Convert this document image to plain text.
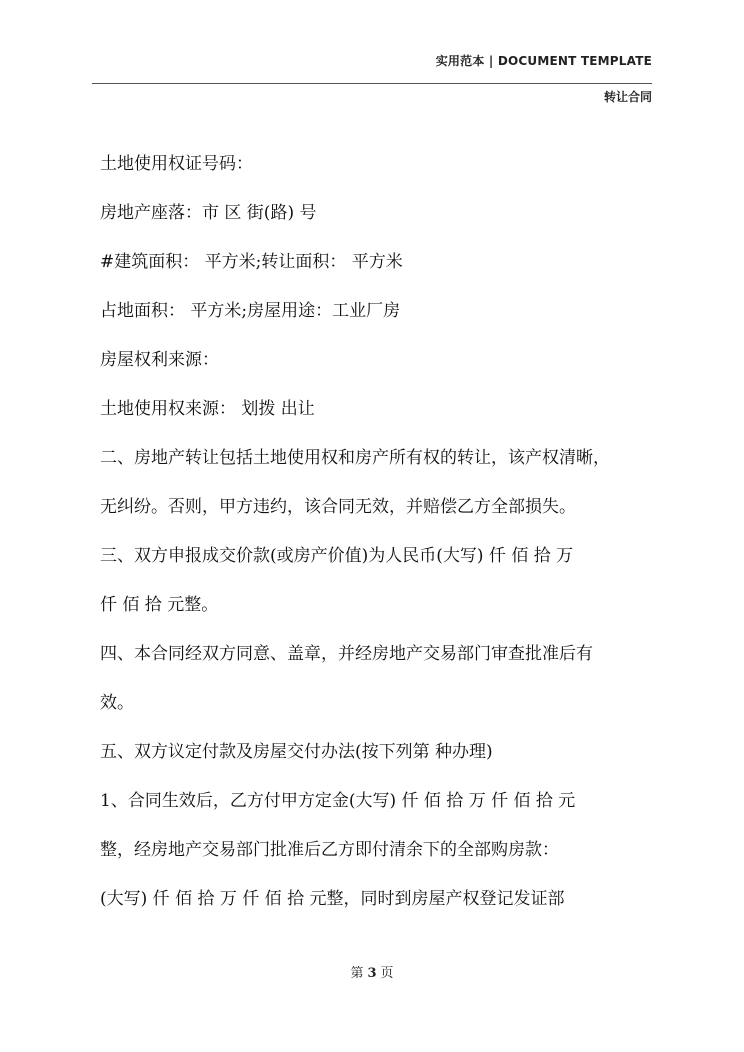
实用范本 | DOCUMENT TEMPLATE
转让合同

土地使用权证号码：

房地产座落：市 区 街(路) 号

#建筑面积： 平方米;转让面积： 平方米

占地面积： 平方米;房屋用途：工业厂房

房屋权利来源：

土地使用权来源： 划拨 出让

二、房地产转让包括土地使用权和房产所有权的转让，该产权清晰，

无纠纷。否则，甲方违约，该合同无效，并赔偿乙方全部损失。

三、双方申报成交价款(或房产价值)为人民币(大写) 仟 佰 拾 万

仟 佰 拾 元整。

四、本合同经双方同意、盖章，并经房地产交易部门审查批准后有

效。

五、双方议定付款及房屋交付办法(按下列第 种办理)

1、合同生效后，乙方付甲方定金(大写) 仟 佰 拾 万 仟 佰 拾 元

整，经房地产交易部门批准后乙方即付清余下的全部购房款：

(大写) 仟 佰 拾 万 仟 佰 拾 元整，同时到房屋产权登记发证部

第 3 页
